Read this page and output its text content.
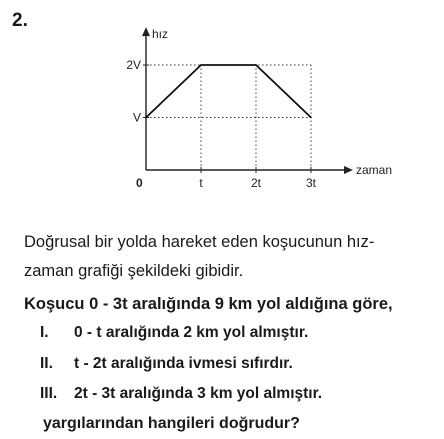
2.
hız
zaman
0
V
2V
t	2t	3t
Doğrusal bir yolda hareket eden koşucunun hız-
zaman grafiği şekildeki gibidir.
Koşucu 0 - 3t aralığında 9 km yol aldığına göre,
I. 0 - t aralığında 2 km yol almıştır.
II. t - 2t aralığında ivmesi sıfırdır.
III. 2t - 3t aralığında 3 km yol almıştır.
yargılarından hangileri doğrudur?
